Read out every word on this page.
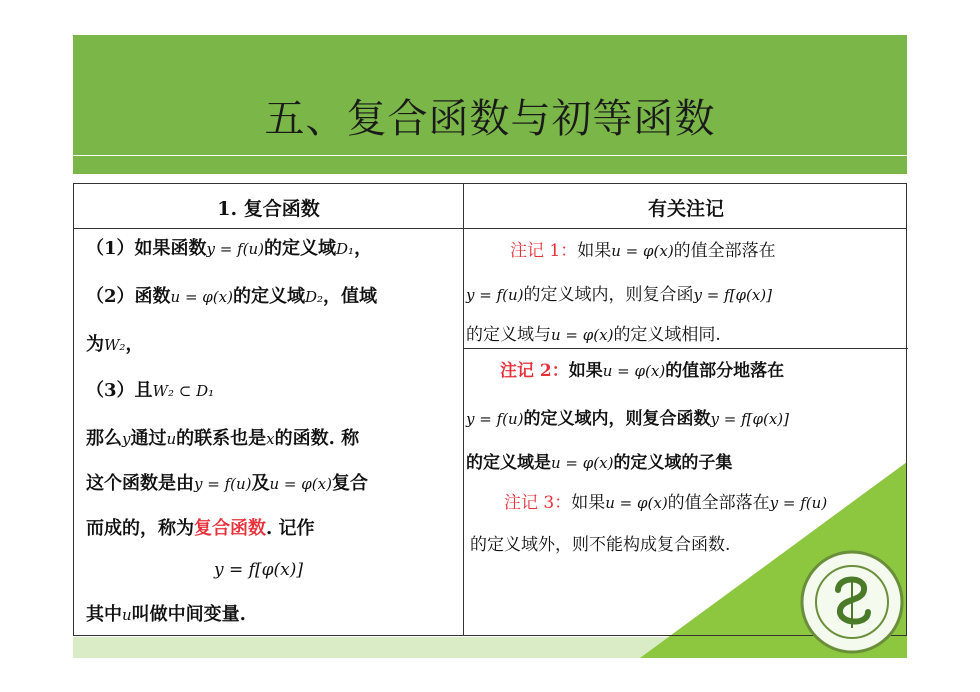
五、复合函数与初等函数
1. 复合函数	有关注记
（1）如果函数y = f(u)的定义域D₁，
（2）函数u = φ(x)的定义域D₂，值域
为W₂，
（3）且W₂ ⊂ D₁
那么y通过u的联系也是x的函数. 称
这个函数是由y = f(u)及u = φ(x)复合
而成的，称为复合函数. 记作
y = f[φ(x)]
其中u叫做中间变量.
注记 1：如果u = φ(x)的值全部落在
y = f(u)的定义域内，则复合函y = f[φ(x)]
的定义域与u = φ(x)的定义域相同.
注记 2：如果u = φ(x)的值部分地落在
y = f(u)的定义域内，则复合函数y = f[φ(x)]
的定义域是u = φ(x)的定义域的子集
注记 3：如果u = φ(x)的值全部落在y = f(u)
的定义域外，则不能构成复合函数.
